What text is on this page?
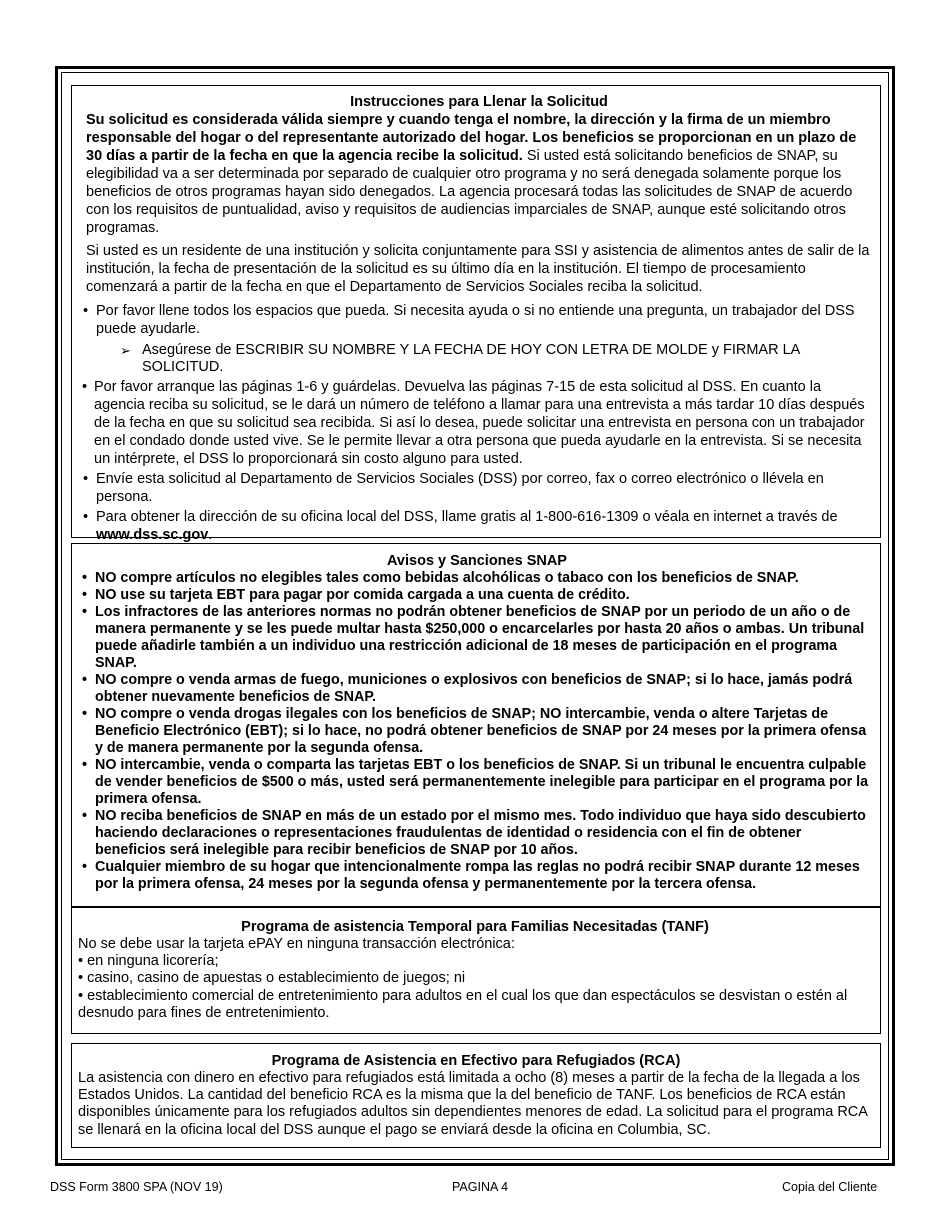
Instrucciones para Llenar la Solicitud

Su solicitud es considerada válida siempre y cuando tenga el nombre, la dirección y la firma de un miembro responsable del hogar o del representante autorizado del hogar. Los beneficios se proporcionan en un plazo de 30 días a partir de la fecha en que la agencia recibe la solicitud. Si usted está solicitando beneficios de SNAP, su elegibilidad va a ser determinada por separado de cualquier otro programa y no será denegada solamente porque los beneficios de otros programas hayan sido denegados. La agencia procesará todas las solicitudes de SNAP de acuerdo con los requisitos de puntualidad, aviso y requisitos de audiencias imparciales de SNAP, aunque esté solicitando otros programas.

Si usted es un residente de una institución y solicita conjuntamente para SSI y asistencia de alimentos antes de salir de la institución, la fecha de presentación de la solicitud es su último día en la institución. El tiempo de procesamiento comenzará a partir de la fecha en que el Departamento de Servicios Sociales reciba la solicitud.

• Por favor llene todos los espacios que pueda. Si necesita ayuda o si no entiende una pregunta, un trabajador del DSS puede ayudarle.
➢ Asegúrese de ESCRIBIR SU NOMBRE Y LA FECHA DE HOY CON LETRA DE MOLDE y FIRMAR LA SOLICITUD.
• Por favor arranque las páginas 1-6 y guárdelas. Devuelva las páginas 7-15 de esta solicitud al DSS. En cuanto la agencia reciba su solicitud, se le dará un número de teléfono a llamar para una entrevista a más tardar 10 días después de la fecha en que su solicitud sea recibida. Si así lo desea, puede solicitar una entrevista en persona con un trabajador en el condado donde usted vive. Se le permite llevar a otra persona que pueda ayudarle en la entrevista. Si se necesita un intérprete, el DSS lo proporcionará sin costo alguno para usted.
• Envíe esta solicitud al Departamento de Servicios Sociales (DSS) por correo, fax o correo electrónico o llévela en persona.
• Para obtener la dirección de su oficina local del DSS, llame gratis al 1-800-616-1309 o véala en internet a través de www.dss.sc.gov.
Avisos y Sanciones SNAP
• NO compre artículos no elegibles tales como bebidas alcohólicas o tabaco con los beneficios de SNAP.
• NO use su tarjeta EBT para pagar por comida cargada a una cuenta de crédito.
• Los infractores de las anteriores normas no podrán obtener beneficios de SNAP por un periodo de un año o de manera permanente y se les puede multar hasta $250,000 o encarcelarles por hasta 20 años o ambas. Un tribunal puede añadirle también a un individuo una restricción adicional de 18 meses de participación en el programa SNAP.
• NO compre o venda armas de fuego, municiones o explosivos con beneficios de SNAP; si lo hace, jamás podrá obtener nuevamente beneficios de SNAP.
• NO compre o venda drogas ilegales con los beneficios de SNAP; NO intercambie, venda o altere Tarjetas de Beneficio Electrónico (EBT); si lo hace, no podrá obtener beneficios de SNAP por 24 meses por la primera ofensa y de manera permanente por la segunda ofensa.
• NO intercambie, venda o comparta las tarjetas EBT o los beneficios de SNAP. Si un tribunal le encuentra culpable de vender beneficios de $500 o más, usted será permanentemente inelegible para participar en el programa por la primera ofensa.
• NO reciba beneficios de SNAP en más de un estado por el mismo mes. Todo individuo que haya sido descubierto haciendo declaraciones o representaciones fraudulentas de identidad o residencia con el fin de obtener beneficios será inelegible para recibir beneficios de SNAP por 10 años.
• Cualquier miembro de su hogar que intencionalmente rompa las reglas no podrá recibir SNAP durante 12 meses por la primera ofensa, 24 meses por la segunda ofensa y permanentemente por la tercera ofensa.
Programa de asistencia Temporal para Familias Necesitadas (TANF)

No se debe usar la tarjeta ePAY en ninguna transacción electrónica:

• en ninguna licorería;

• casino, casino de apuestas o establecimiento de juegos; ni

• establecimiento comercial de entretenimiento para adultos en el cual los que dan espectáculos se desvistan o estén al desnudo para fines de entretenimiento.

Programa de Asistencia en Efectivo para Refugiados (RCA)

La asistencia con dinero en efectivo para refugiados está limitada a ocho (8) meses a partir de la fecha de la llegada a los Estados Unidos. La cantidad del beneficio RCA es la misma que la del beneficio de TANF. Los beneficios de RCA están disponibles únicamente para los refugiados adultos sin dependientes menores de edad. La solicitud para el programa RCA se llenará en la oficina local del DSS aunque el pago se enviará desde la oficina en Columbia, SC.

DSS Form 3800 SPA (NOV 19)	PAGINA 4	Copia del Cliente
